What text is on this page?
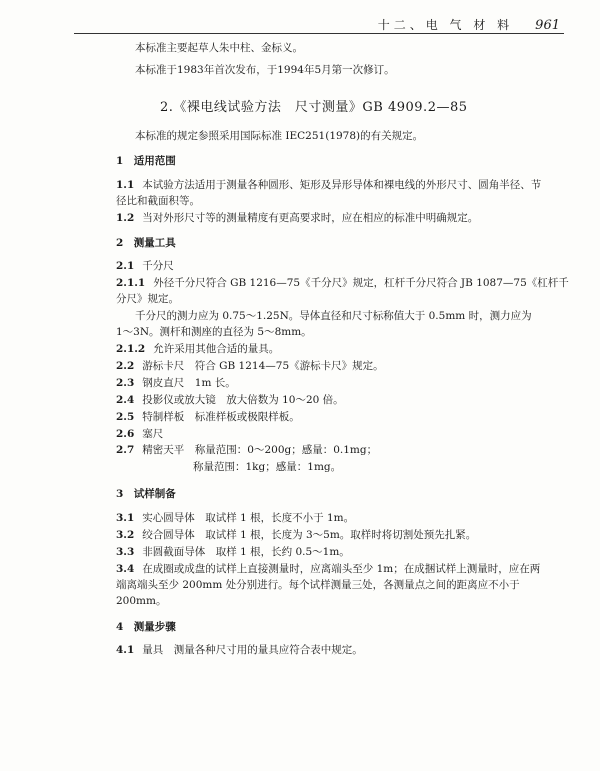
十二、电 气 材 料 961
本标准主要起草人朱中柱、金标义。
本标准于1983年首次发布，于1994年5月第一次修订。
2.《裸电线试验方法　尺寸测量》GB 4909.2—85
本标准的规定参照采用国际标准 IEC251(1978)的有关规定。
1　适用范围
1.1 本试验方法适用于测量各种圆形、矩形及异形导体和裸电线的外形尺寸、圆角半径、节
径比和截面积等。
1.2 当对外形尺寸等的测量精度有更高要求时，应在相应的标准中明确规定。
2　测量工具
2.1 千分尺
2.1.1 外径千分尺符合 GB 1216—75《千分尺》规定，杠杆千分尺符合 JB 1087—75《杠杆千
分尺》规定。
千分尺的测力应为 0.75～1.25N。导体直径和尺寸标称值大于 0.5mm 时，测力应为
1～3N。测杆和测座的直径为 5～8mm。
2.1.2 允许采用其他合适的量具。
2.2 游标卡尺　符合 GB 1214—75《游标卡尺》规定。
2.3 钢皮直尺　1m 长。
2.4 投影仪或放大镜　放大倍数为 10～20 倍。
2.5 特制样板　标准样板或极限样板。
2.6 塞尺
2.7 精密天平　称量范围：0～200g；感量：0.1mg；
称量范围：1kg；感量：1mg。
3　试样制备
3.1 实心圆导体　取试样 1 根，长度不小于 1m。
3.2 绞合圆导体　取试样 1 根，长度为 3～5m。取样时将切割处预先扎紧。
3.3 非圆截面导体　取样 1 根，长约 0.5～1m。
3.4 在成圈或成盘的试样上直接测量时，应离端头至少 1m；在成捆试样上测量时，应在两
端离端头至少 200mm 处分别进行。每个试样测量三处，各测量点之间的距离应不小于
200mm。
4　测量步骤
4.1 量具　测量各种尺寸用的量具应符合表中规定。
